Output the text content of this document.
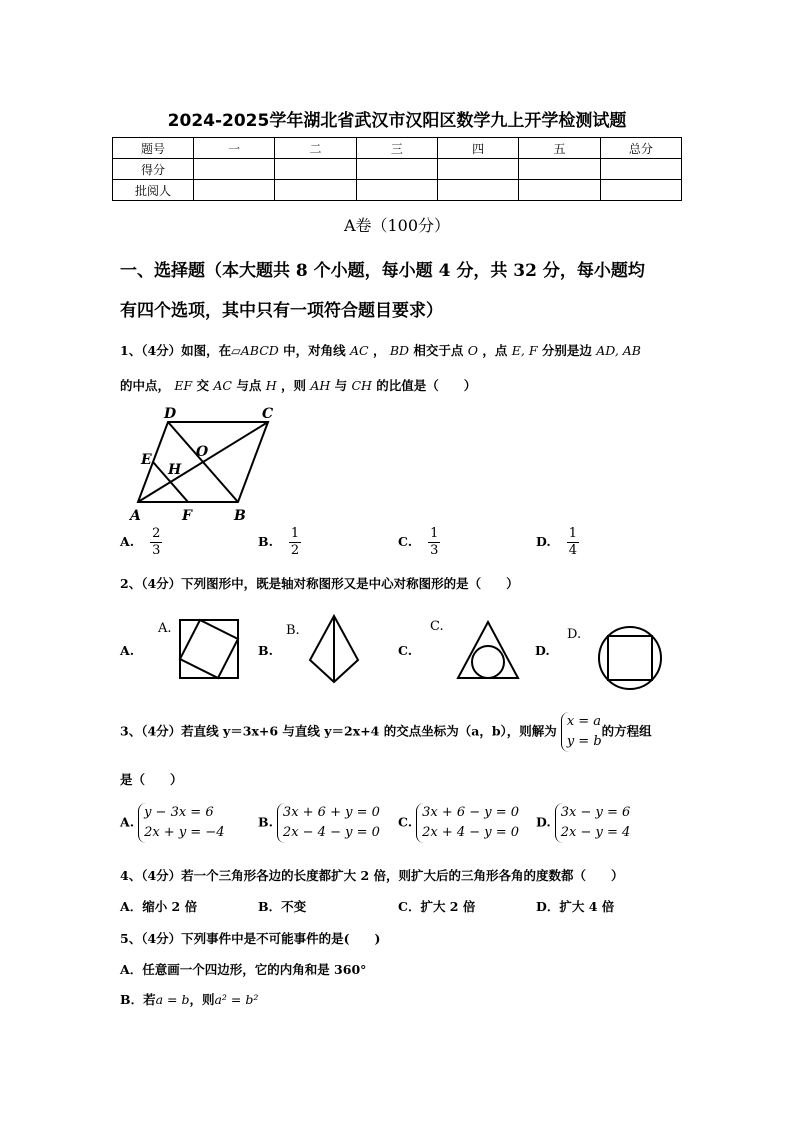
2024-2025学年湖北省武汉市汉阳区数学九上开学检测试题
题号	一	二	三	四	五	总分
得分						
批阅人						
A卷（100分）
一、选择题（本大题共 8 个小题，每小题 4 分，共 32 分，每小题均
有四个选项，其中只有一项符合题目要求）
1、（4分）如图，在▱ABCD 中，对角线 AC ， BD 相交于点 O ，点 E, F 分别是边 AD, AB
的中点， EF 交 AC 与点 H ，则 AH 与 CH 的比值是（　　）
A	B
C
D
E
F
H
O
A. $\frac{2}{3}$	B. $\frac{1}{2}$	C. $\frac{1}{3}$	D. $\frac{1}{4}$
2、（4分）下列图形中，既是轴对称图形又是中心对称图形的是（　　）
A.	B.	C.	D.
A.	B.	C.
D.
3、（4分）若直线 y＝3x+6 与直线 y＝2x+4 的交点坐标为（a，b），则解为x = a
y = b的方程组
是（　　）
A.y − 3x = 6
2x + y = −4
B.3x + 6 + y = 0
2x − 4 − y = 0
C.3x + 6 − y = 0
2x + 4 − y = 0
D.3x − y = 6
2x − y = 4
4、（4分）若一个三角形各边的长度都扩大 2 倍，则扩大后的三角形各角的度数都（　　）
A．缩小 2 倍	B．不变	C．扩大 2 倍	D．扩大 4 倍
5、（4分）下列事件中是不可能事件的是(　　)
A．任意画一个四边形，它的内角和是 360°
B．若a = b，则a² = b²
